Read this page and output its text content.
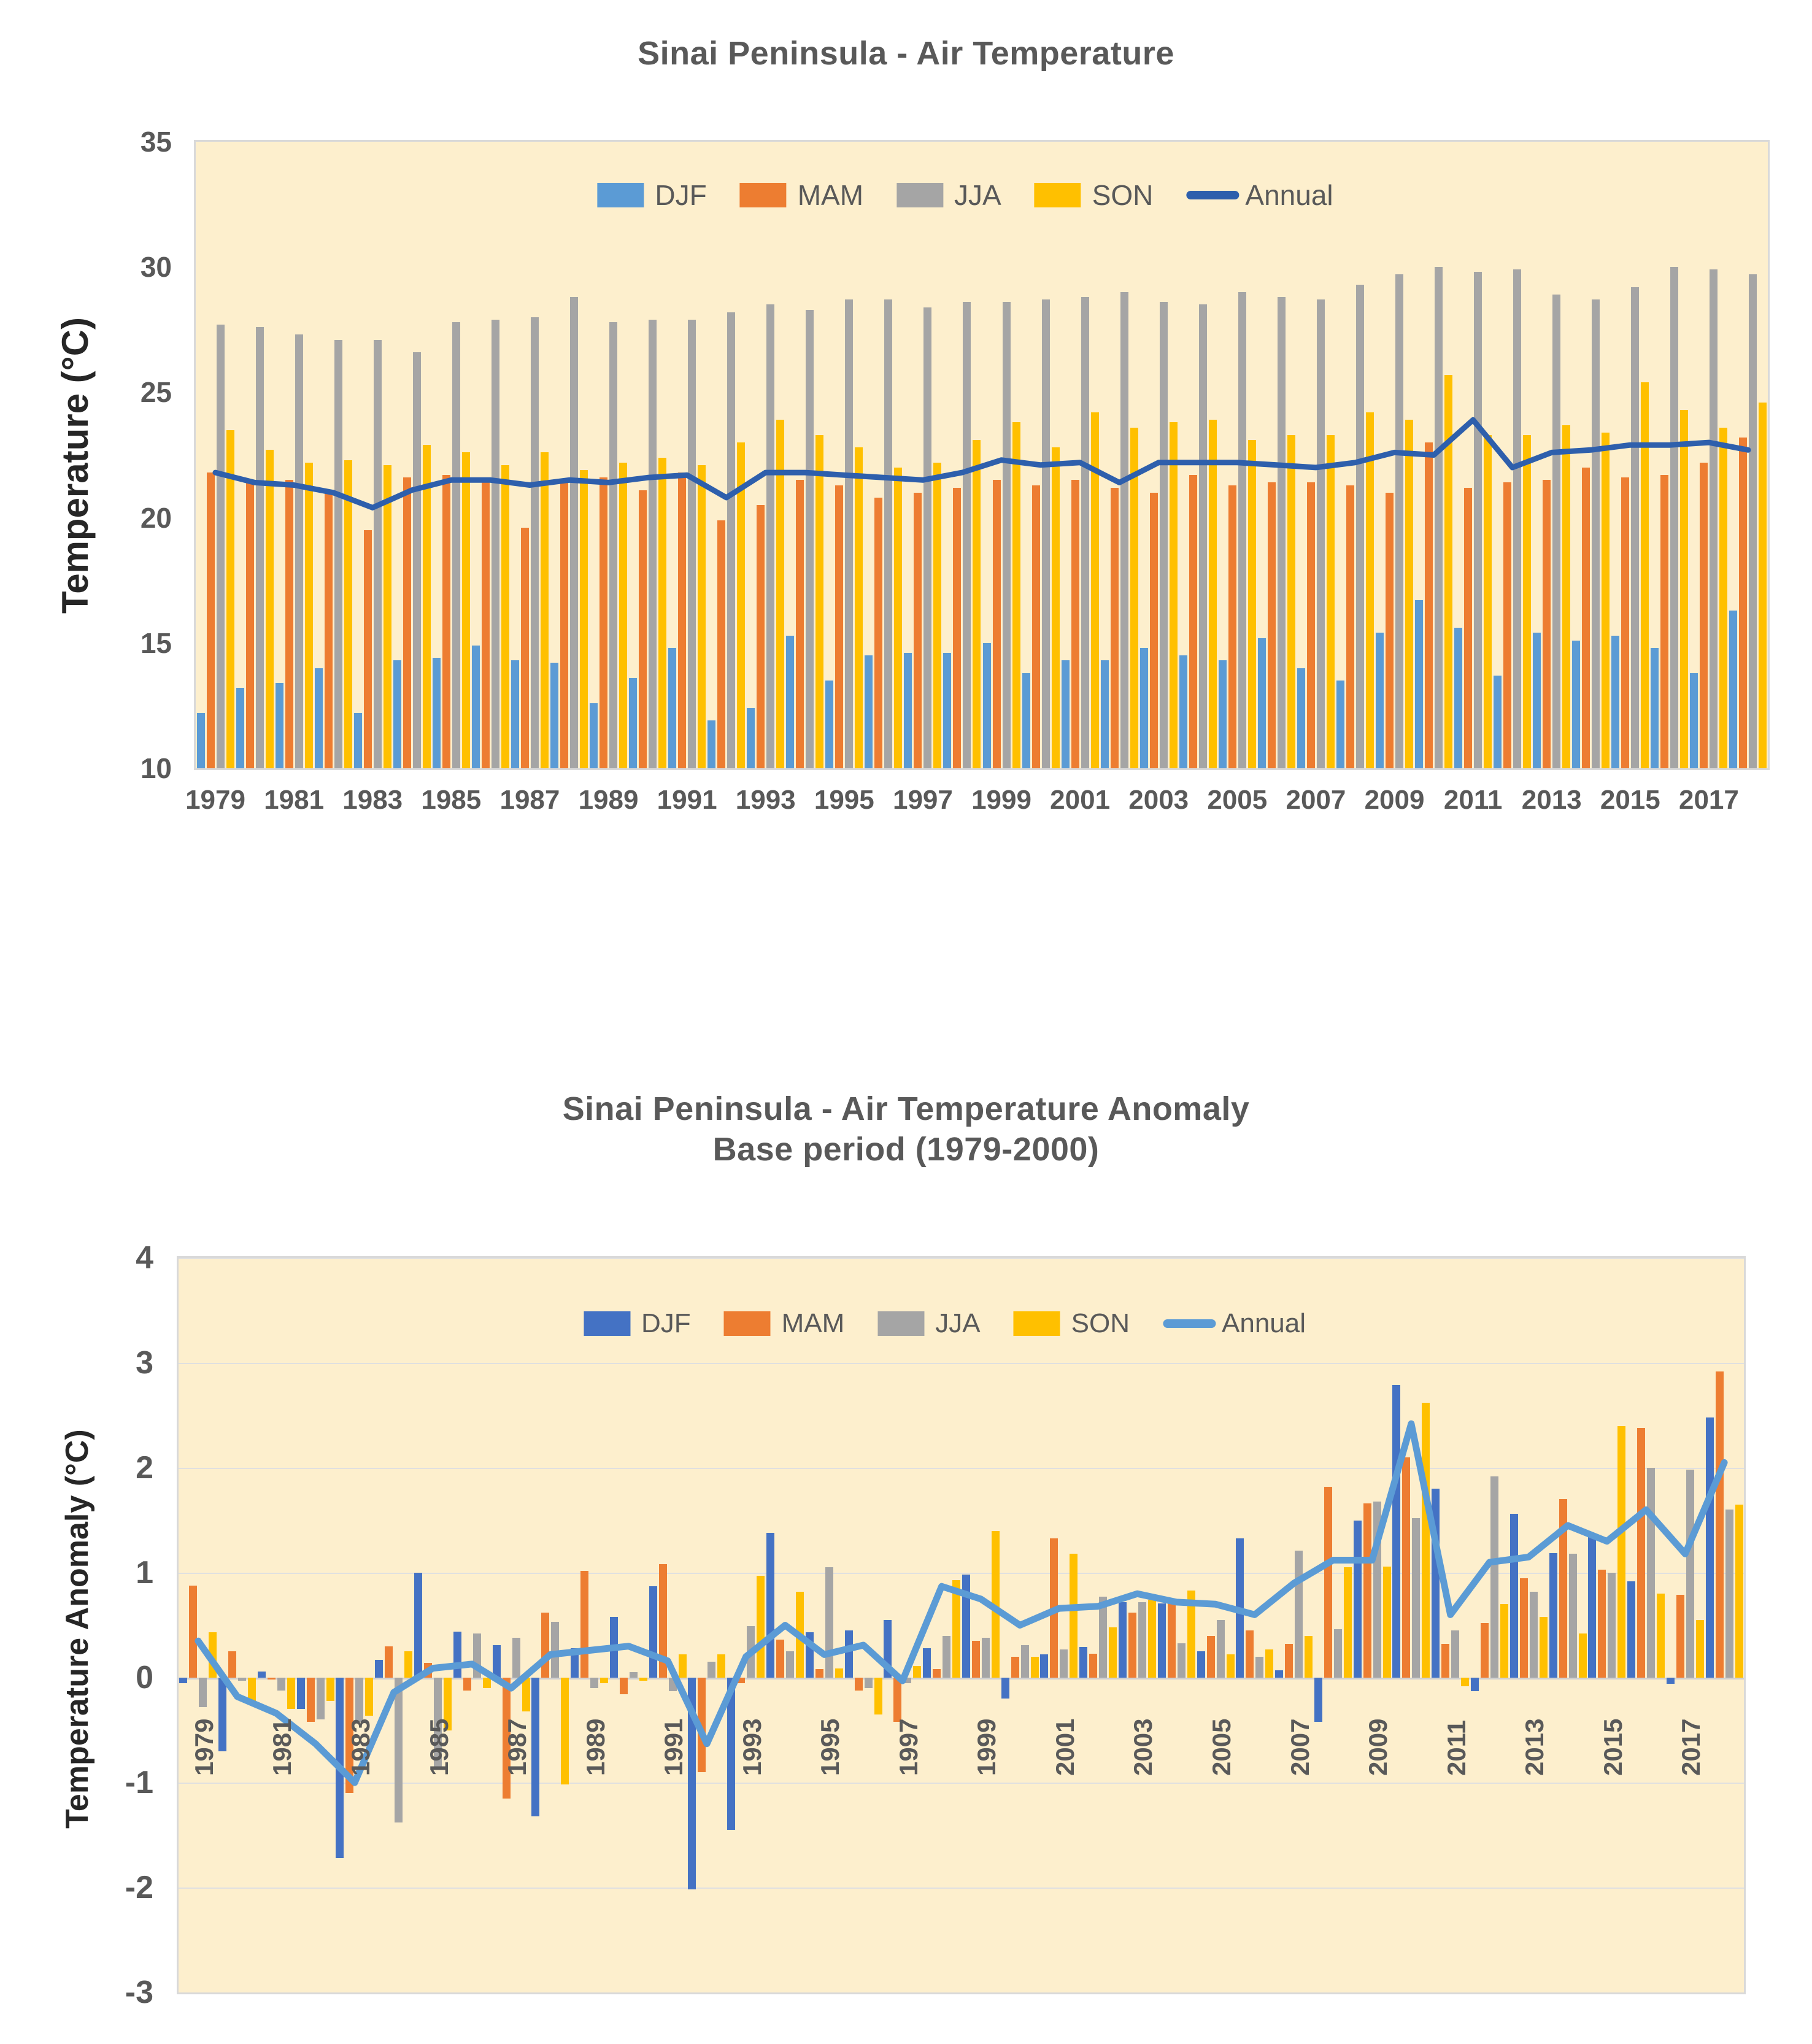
Sinai Peninsula - Air Temperature
Temperature (°C)
35
30
25
20
15
10
DJF	MAM	JJA	SON	Annual
1979 1981 1983 1985 1987 1989 1991 1993 1995 1997 1999 2001 2003 2005 2007 2009 2011 2013 2015 2017
Sinai Peninsula - Air Temperature Anomaly
Base period (1979-2000)
Temperature Anomaly (°C)
4
3
2
1
0
-1
-2
-3
DJF	MAM	JJA	SON	Annual
1979 1981 1983 1985 1987 1989 1991 1993 1995 1997 1999 2001 2003 2005 2007 2009 2011 2013 2015 2017
